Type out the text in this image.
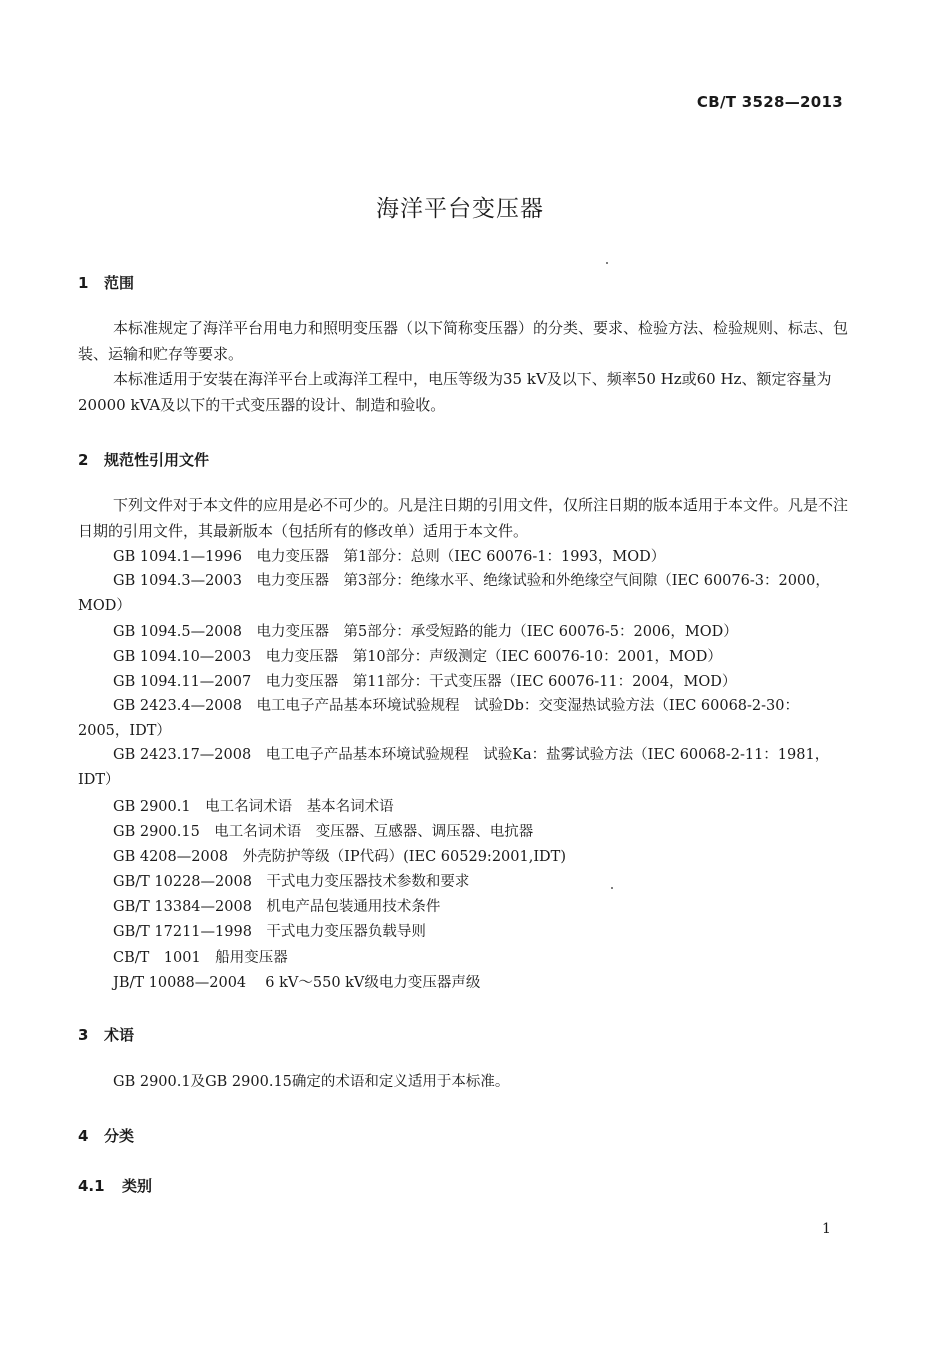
CB/T 3528—2013
海洋平台变压器
1 范围
本标准规定了海洋平台用电力和照明变压器（以下简称变压器）的分类、要求、检验方法、检验规则、标志、包装、运输和贮存等要求。
本标准适用于安装在海洋平台上或海洋工程中，电压等级为35 kV及以下、频率50 Hz或60 Hz、额定容量为 20000 kVA及以下的干式变压器的设计、制造和验收。
2 规范性引用文件
下列文件对于本文件的应用是必不可少的。凡是注日期的引用文件，仅所注日期的版本适用于本文件。凡是不注日期的引用文件，其最新版本（包括所有的修改单）适用于本文件。
GB 1094.1—1996　电力变压器　第1部分：总则（IEC 60076-1：1993，MOD）
GB 1094.3—2003　电力变压器　第3部分：绝缘水平、绝缘试验和外绝缘空气间隙（IEC 60076-3：2000，MOD）
GB 1094.5—2008　电力变压器　第5部分：承受短路的能力（IEC 60076-5：2006，MOD）
GB 1094.10—2003　电力变压器　第10部分：声级测定（IEC 60076-10：2001，MOD）
GB 1094.11—2007　电力变压器　第11部分：干式变压器（IEC 60076-11：2004，MOD）
GB 2423.4—2008　电工电子产品基本环境试验规程　试验Db：交变湿热试验方法（IEC 60068-2-30：2005，IDT）
GB 2423.17—2008　电工电子产品基本环境试验规程　试验Ka：盐雾试验方法（IEC 60068-2-11：1981，IDT）
GB 2900.1　电工名词术语　基本名词术语
GB 2900.15　电工名词术语　变压器、互感器、调压器、电抗器
GB 4208—2008　外壳防护等级（IP代码）(IEC 60529:2001,IDT)
GB/T 10228—2008　干式电力变压器技术参数和要求
GB/T 13384—2008　机电产品包装通用技术条件
GB/T 17211—1998　干式电力变压器负载导则
CB/T　1001　船用变压器
JB/T 10088—2004　 6 kV～550 kV级电力变压器声级
3 术语
GB 2900.1及GB 2900.15确定的术语和定义适用于本标准。
4 分类
4.1 类别
1
